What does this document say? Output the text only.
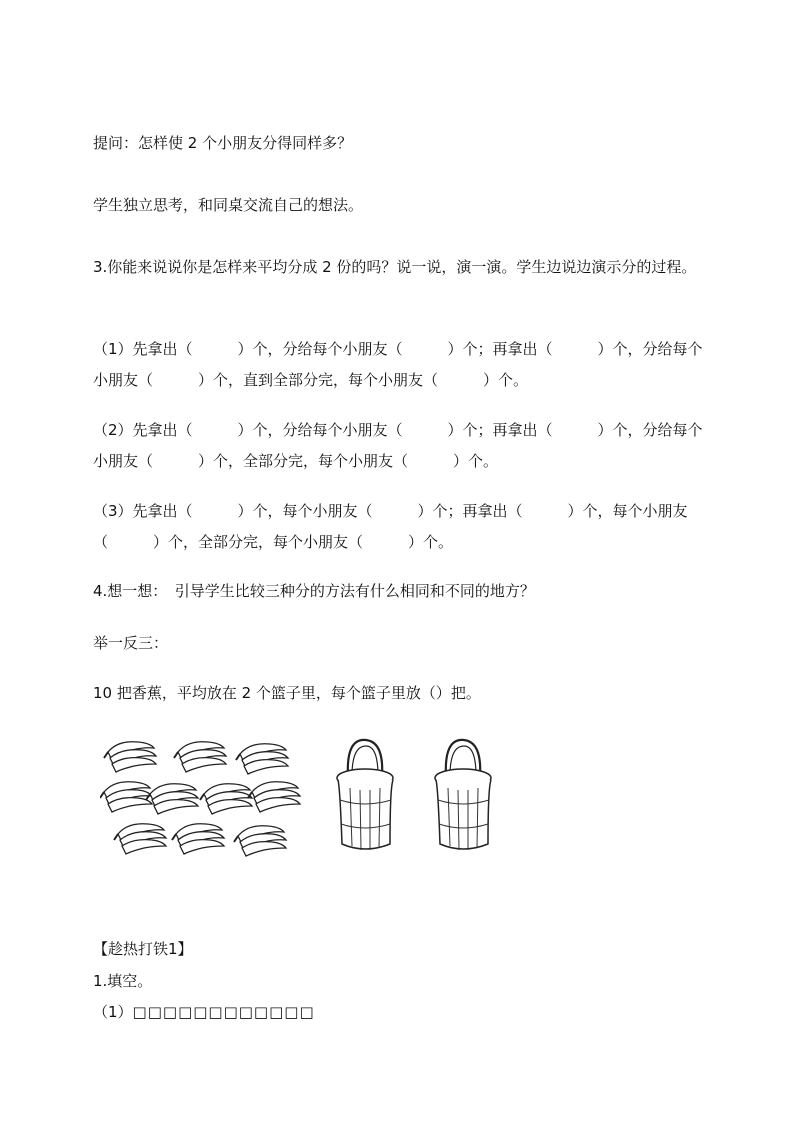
提问：怎样使 2 个小朋友分得同样多？

学生独立思考，和同桌交流自己的想法。

3.你能来说说你是怎样来平均分成 2 份的吗？说一说，演一演。学生边说边演示分的过程。

（1）先拿出（　　　）个，分给每个小朋友（　　　）个；再拿出（　　　）个，分给每个小朋友（　　　）个，直到全部分完，每个小朋友（　　　）个。

（2）先拿出（　　　）个，分给每个小朋友（　　　）个；再拿出（　　　）个，分给每个小朋友（　　　）个，全部分完，每个小朋友（　　　）个。

（3）先拿出（　　　）个，每个小朋友（　　　）个；再拿出（　　　）个，每个小朋友（　　　）个，全部分完，每个小朋友（　　　）个。

4.想一想：　引导学生比较三种分的方法有什么相同和不同的地方？

举一反三：

10 把香蕉，平均放在 2 个篮子里，每个篮子里放（）把。

【趁热打铁1】

1.填空。

（1）□□□□□□□□□□□□
